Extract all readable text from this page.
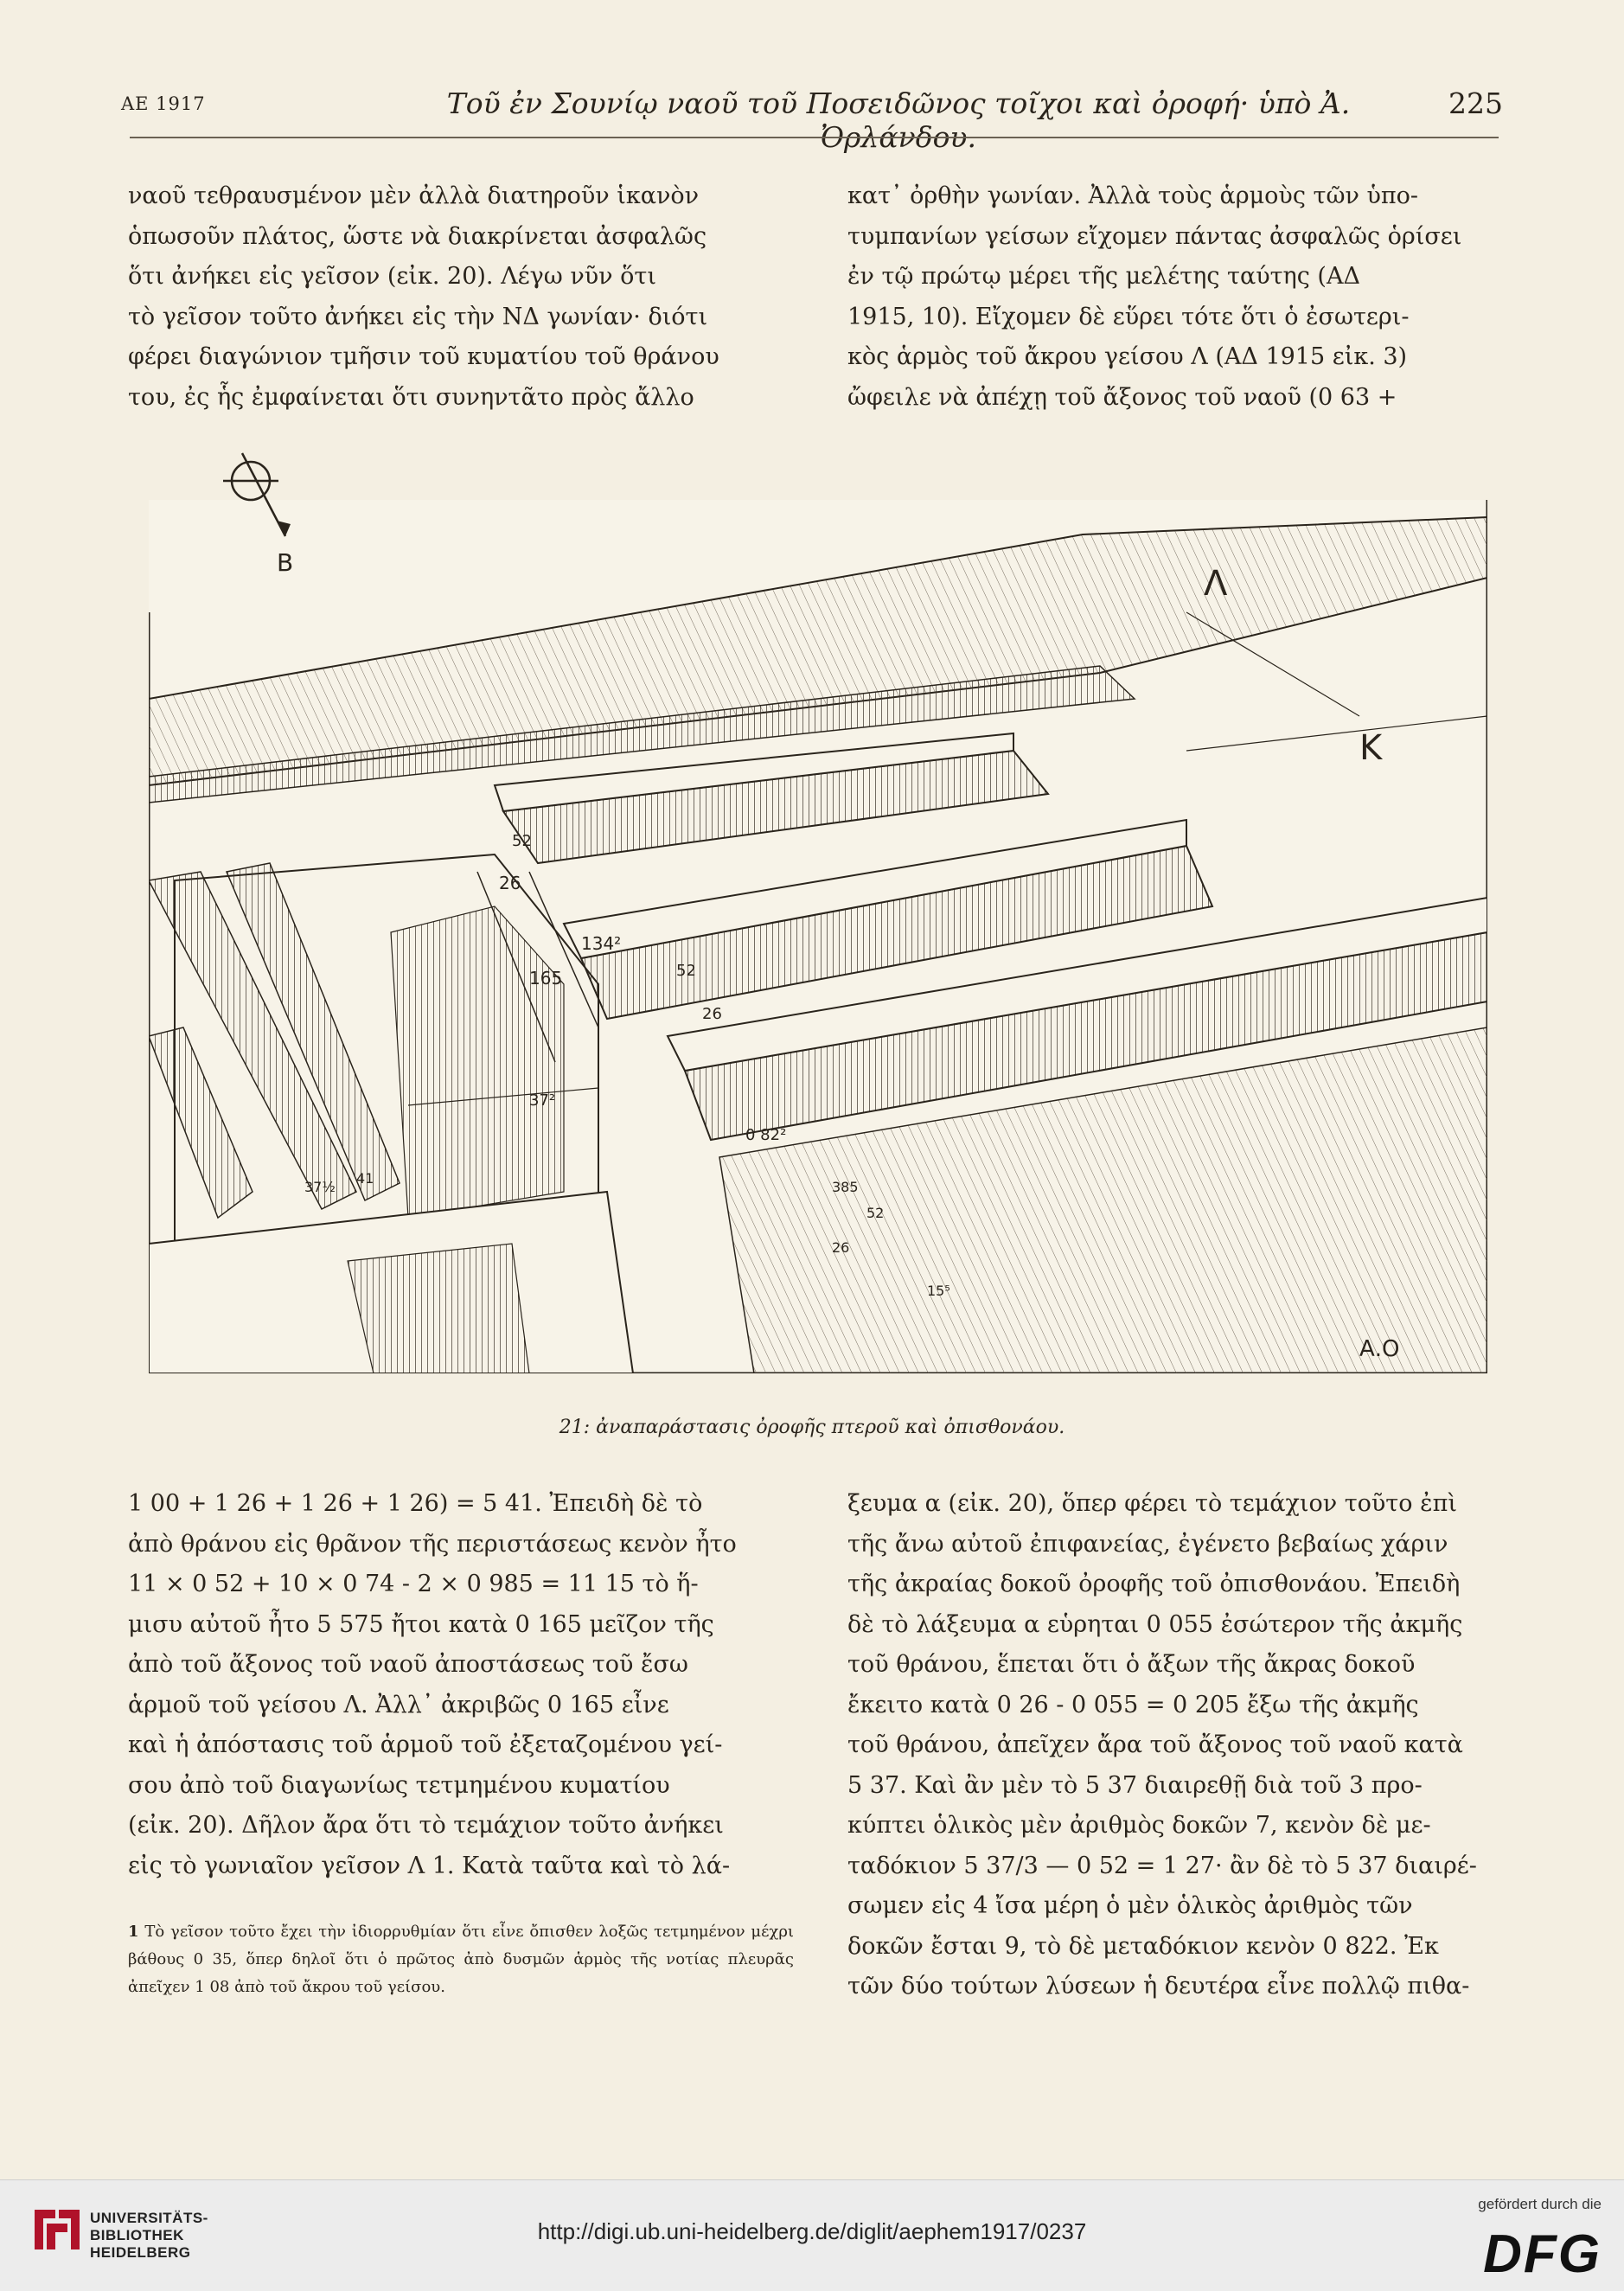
ΑΕ 1917	Τοῦ ἐν Σουνίῳ ναοῦ τοῦ Ποσειδῶνος τοῖχοι καὶ ὀροφή· ὑπὸ Ἀ. Ὀρλάνδου.
225

ναοῦ τεθραυσμένον μὲν ἀλλὰ διατηροῦν ἱκανὸν

ὁπωσοῦν πλάτος, ὥστε νὰ διακρίνεται ἀσφαλῶς

ὅτι ἀνήκει εἰς γεῖσον (εἰκ. 20). Λέγω νῦν ὅτι

τὸ γεῖσον τοῦτο ἀνήκει εἰς τὴν ΝΔ γωνίαν· διότι

φέρει διαγώνιον τμῆσιν τοῦ κυματίου τοῦ θράνου

του, ἐς ἧς ἐμφαίνεται ὅτι συνηντᾶτο πρὸς ἄλλο

κατ᾽ ὀρθὴν γωνίαν. Ἀλλὰ τοὺς ἁρμοὺς τῶν ὑπο-

τυμπανίων γείσων εἴχομεν πάντας ἀσφαλῶς ὁρίσει

ἐν τῷ πρώτῳ μέρει τῆς μελέτης ταύτης (ΑΔ

1915, 10). Εἴχομεν δὲ εὕρει τότε ὅτι ὁ ἐσωτερι-

κὸς ἁρμὸς τοῦ ἄκρου γείσου Λ (ΑΔ 1915 εἰκ. 3)

ὤφειλε νὰ ἀπέχῃ τοῦ ἄξονος τοῦ ναοῦ (0 63 +

Λ
Κ
26
52
134²
165
26
52
37²
37½
41
0 82²
385
52
26
15⁵
Α.Ο
Β
21: ἀναπαράστασις ὀροφῆς πτεροῦ καὶ ὀπισθονάου.

1 00 + 1 26 + 1 26 + 1 26) = 5 41. Ἐπειδὴ δὲ τὸ

ἀπὸ θράνου εἰς θρᾶνον τῆς περιστάσεως κενὸν ἦτο

11 × 0 52 + 10 × 0 74 - 2 × 0 985 = 11 15 τὸ ἥ-

μισυ αὐτοῦ ἦτο 5 575 ἤτοι κατὰ 0 165 μεῖζον τῆς

ἀπὸ τοῦ ἄξονος τοῦ ναοῦ ἀποστάσεως τοῦ ἔσω

ἁρμοῦ τοῦ γείσου Λ. Ἀλλ᾽ ἀκριβῶς 0 165 εἶνε

καὶ ἡ ἀπόστασις τοῦ ἁρμοῦ τοῦ ἐξεταζομένου γεί-

σου ἀπὸ τοῦ διαγωνίως τετμημένου κυματίου

(εἰκ. 20). Δῆλον ἄρα ὅτι τὸ τεμάχιον τοῦτο ἀνήκει

εἰς τὸ γωνιαῖον γεῖσον Λ 1. Κατὰ ταῦτα καὶ τὸ λά-

1 Τὸ γεῖσον τοῦτο ἔχει τὴν ἰδιορρυθμίαν ὅτι εἶνε ὄπισθεν λοξῶς τετμημένον μέχρι βάθους 0 35, ὅπερ δηλοῖ ὅτι ὁ πρῶτος ἀπὸ δυσμῶν ἁρμὸς τῆς νοτίας πλευρᾶς ἀπεῖχεν 1 08 ἀπὸ τοῦ ἄκρου τοῦ γείσου.

ξευμα α (εἰκ. 20), ὅπερ φέρει τὸ τεμάχιον τοῦτο ἐπὶ

τῆς ἄνω αὐτοῦ ἐπιφανείας, ἐγένετο βεβαίως χάριν

τῆς ἀκραίας δοκοῦ ὀροφῆς τοῦ ὀπισθονάου. Ἐπειδὴ

δὲ τὸ λάξευμα α εὑρηται 0 055 ἐσώτερον τῆς ἀκμῆς

τοῦ θράνου, ἕπεται ὅτι ὁ ἄξων τῆς ἄκρας δοκοῦ

ἔκειτο κατὰ 0 26 - 0 055 = 0 205 ἔξω τῆς ἀκμῆς

τοῦ θράνου, ἀπεῖχεν ἄρα τοῦ ἄξονος τοῦ ναοῦ κατὰ

5 37. Καὶ ἂν μὲν τὸ 5 37 διαιρεθῇ διὰ τοῦ 3 προ-

κύπτει ὁλικὸς μὲν ἀριθμὸς δοκῶν 7, κενὸν δὲ με-

ταδόκιον 5 37/3 — 0 52 = 1 27· ἂν δὲ τὸ 5 37 διαιρέ-

σωμεν εἰς 4 ἴσα μέρη ὁ μὲν ὁλικὸς ἀριθμὸς τῶν

δοκῶν ἔσται 9, τὸ δὲ μεταδόκιον κενὸν 0 822. Ἐκ

τῶν δύο τούτων λύσεων ἡ δευτέρα εἶνε πολλῷ πιθα-

UNIVERSITÄTS-
BIBLIOTHEK
HEIDELBERG
http://digi.ub.uni-heidelberg.de/diglit/aephem1917/0237
gefördert durch die
DFG
